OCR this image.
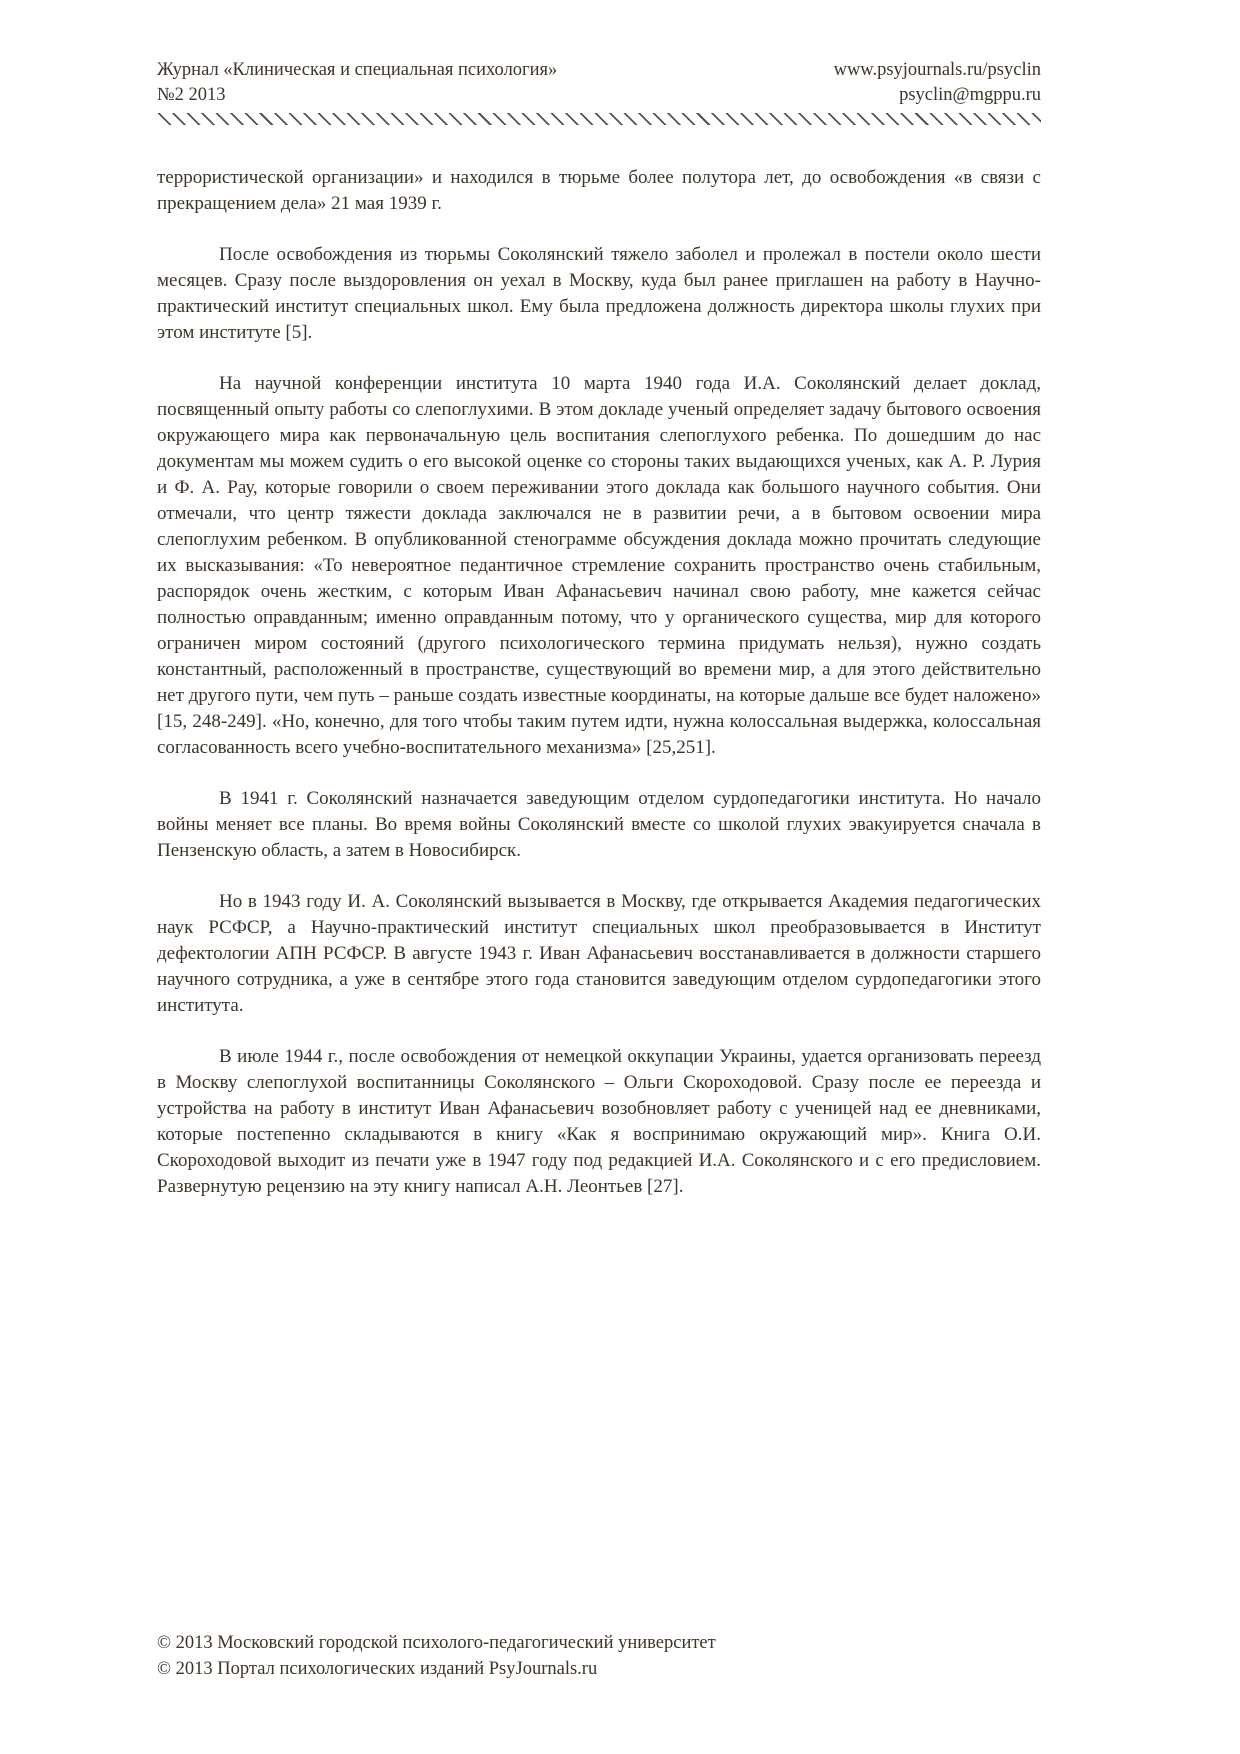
Журнал «Клиническая и специальная психология»
№2 2013
www.psyjournals.ru/psyclin
psyclin@mgppu.ru

террористической организации» и находился в тюрьме более полутора лет, до освобождения «в связи с прекращением дела» 21 мая 1939 г.

После освобождения из тюрьмы Соколянский тяжело заболел и пролежал в постели около шести месяцев. Сразу после выздоровления он уехал в Москву, куда был ранее приглашен на работу в Научно-практический институт специальных школ. Ему была предложена должность директора школы глухих при этом институте [5].

На научной конференции института 10 марта 1940 года И.А. Соколянский делает доклад, посвященный опыту работы со слепоглухими. В этом докладе ученый определяет задачу бытового освоения окружающего мира как первоначальную цель воспитания слепоглухого ребенка. По дошедшим до нас документам мы можем судить о его высокой оценке со стороны таких выдающихся ученых, как А. Р. Лурия и Ф. А. Рау, которые говорили о своем переживании этого доклада как большого научного события. Они отмечали, что центр тяжести доклада заключался не в развитии речи, а в бытовом освоении мира слепоглухим ребенком. В опубликованной стенограмме обсуждения доклада можно прочитать следующие их высказывания: «То невероятное педантичное стремление сохранить пространство очень стабильным, распорядок очень жестким, с которым Иван Афанасьевич начинал свою работу, мне кажется сейчас полностью оправданным; именно оправданным потому, что у органического существа, мир для которого ограничен миром состояний (другого психологического термина придумать нельзя), нужно создать константный, расположенный в пространстве, существующий во времени мир, а для этого действительно нет другого пути, чем путь – раньше создать известные координаты, на которые дальше все будет наложено» [15, 248-249]. «Но, конечно, для того чтобы таким путем идти, нужна колоссальная выдержка, колоссальная согласованность всего учебно-воспитательного механизма» [25,251].

В 1941 г. Соколянский назначается заведующим отделом сурдопедагогики института. Но начало войны меняет все планы. Во время войны Соколянский вместе со школой глухих эвакуируется сначала в Пензенскую область, а затем в Новосибирск.

Но в 1943 году И. А. Соколянский вызывается в Москву, где открывается Академия педагогических наук РСФСР, а Научно-практический институт специальных школ преобразовывается в Институт дефектологии АПН РСФСР. В августе 1943 г. Иван Афанасьевич восстанавливается в должности старшего научного сотрудника, а уже в сентябре этого года становится заведующим отделом сурдопедагогики этого института.

В июле 1944 г., после освобождения от немецкой оккупации Украины, удается организовать переезд в Москву слепоглухой воспитанницы Соколянского – Ольги Скороходовой. Сразу после ее переезда и устройства на работу в институт Иван Афанасьевич возобновляет работу с ученицей над ее дневниками, которые постепенно складываются в книгу «Как я воспринимаю окружающий мир». Книга О.И. Скороходовой выходит из печати уже в 1947 году под редакцией И.А. Соколянского и с его предисловием. Развернутую рецензию на эту книгу написал А.Н. Леонтьев [27].

© 2013 Московский городской психолого-педагогический университет
© 2013 Портал психологических изданий PsyJournals.ru
